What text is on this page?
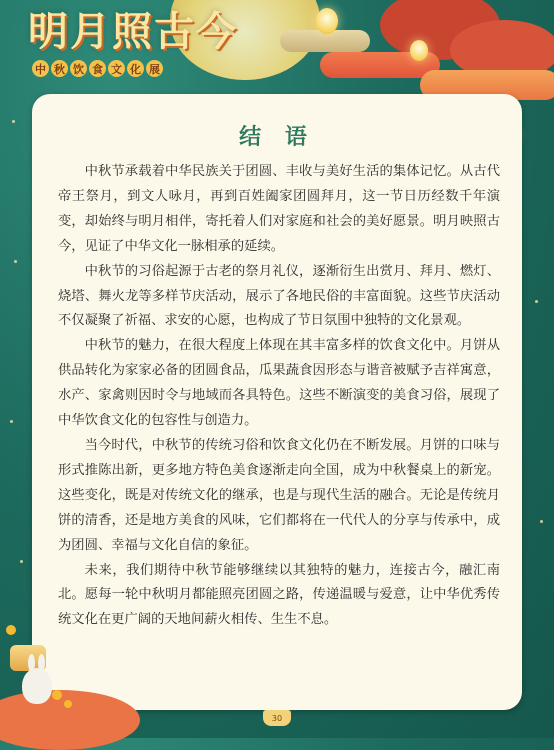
明月照古今
中 秋 饮 食 文 化 展
结 语

中秋节承载着中华民族关于团圆、丰收与美好生活的集体记忆。从古代帝王祭月，到文人咏月，再到百姓阖家团圆拜月，这一节日历经数千年演变，却始终与明月相伴，寄托着人们对家庭和社会的美好愿景。明月映照古今，见证了中华文化一脉相承的延续。

中秋节的习俗起源于古老的祭月礼仪，逐渐衍生出赏月、拜月、燃灯、烧塔、舞火龙等多样节庆活动，展示了各地民俗的丰富面貌。这些节庆活动不仅凝聚了祈福、求安的心愿，也构成了节日氛围中独特的文化景观。

中秋节的魅力，在很大程度上体现在其丰富多样的饮食文化中。月饼从供品转化为家家必备的团圆食品，瓜果蔬食因形态与谐音被赋予吉祥寓意，水产、家禽则因时令与地域而各具特色。这些不断演变的美食习俗，展现了中华饮食文化的包容性与创造力。

当今时代，中秋节的传统习俗和饮食文化仍在不断发展。月饼的口味与形式推陈出新，更多地方特色美食逐渐走向全国，成为中秋餐桌上的新宠。这些变化，既是对传统文化的继承，也是与现代生活的融合。无论是传统月饼的清香，还是地方美食的风味，它们都将在一代代人的分享与传承中，成为团圆、幸福与文化自信的象征。

未来，我们期待中秋节能够继续以其独特的魅力，连接古今，融汇南北。愿每一轮中秋明月都能照亮团圆之路，传递温暖与爱意，让中华优秀传统文化在更广阔的天地间薪火相传、生生不息。

30
